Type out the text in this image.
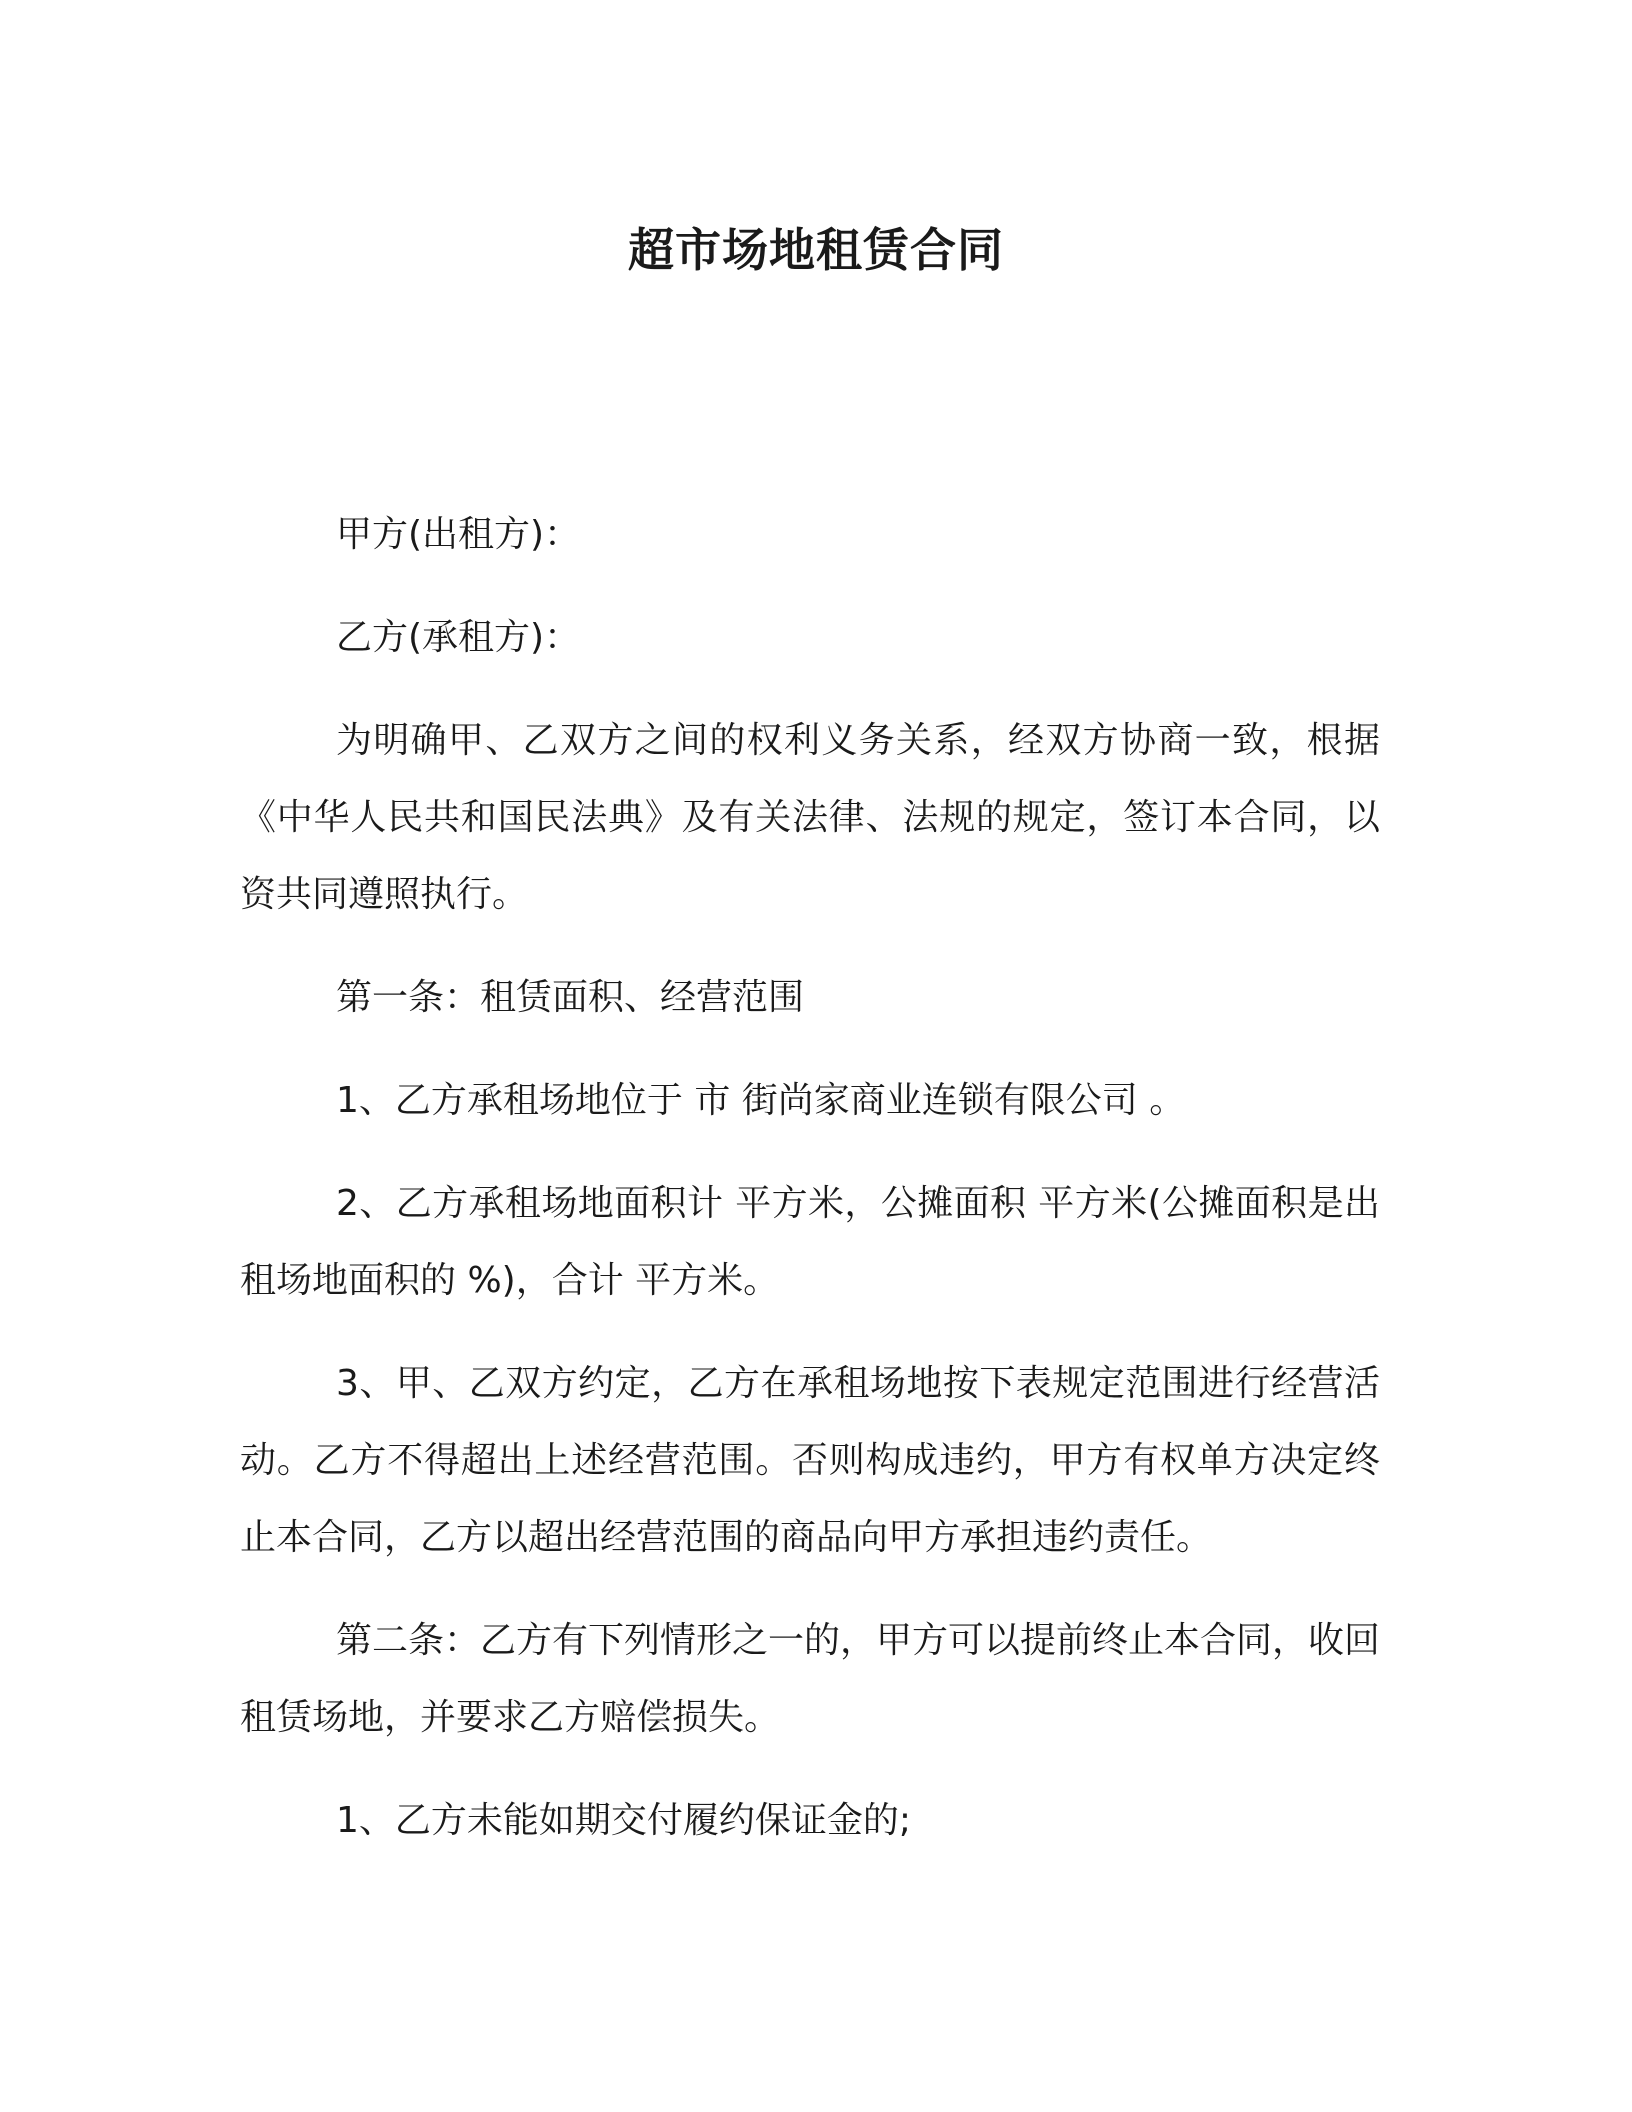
超市场地租赁合同

甲方(出租方)：

乙方(承租方)：

为明确甲、乙双方之间的权利义务关系，经双方协商一致，根据《中华人民共和国民法典》及有关法律、法规的规定，签订本合同，以资共同遵照执行。

第一条：租赁面积、经营范围

1、乙方承租场地位于 市 街尚家商业连锁有限公司 。

2、乙方承租场地面积计 平方米，公摊面积 平方米(公摊面积是出租场地面积的 %)，合计 平方米。

3、甲、乙双方约定，乙方在承租场地按下表规定范围进行经营活动。乙方不得超出上述经营范围。否则构成违约，甲方有权单方决定终止本合同，乙方以超出经营范围的商品向甲方承担违约责任。

第二条：乙方有下列情形之一的，甲方可以提前终止本合同，收回租赁场地，并要求乙方赔偿损失。

1、乙方未能如期交付履约保证金的;
